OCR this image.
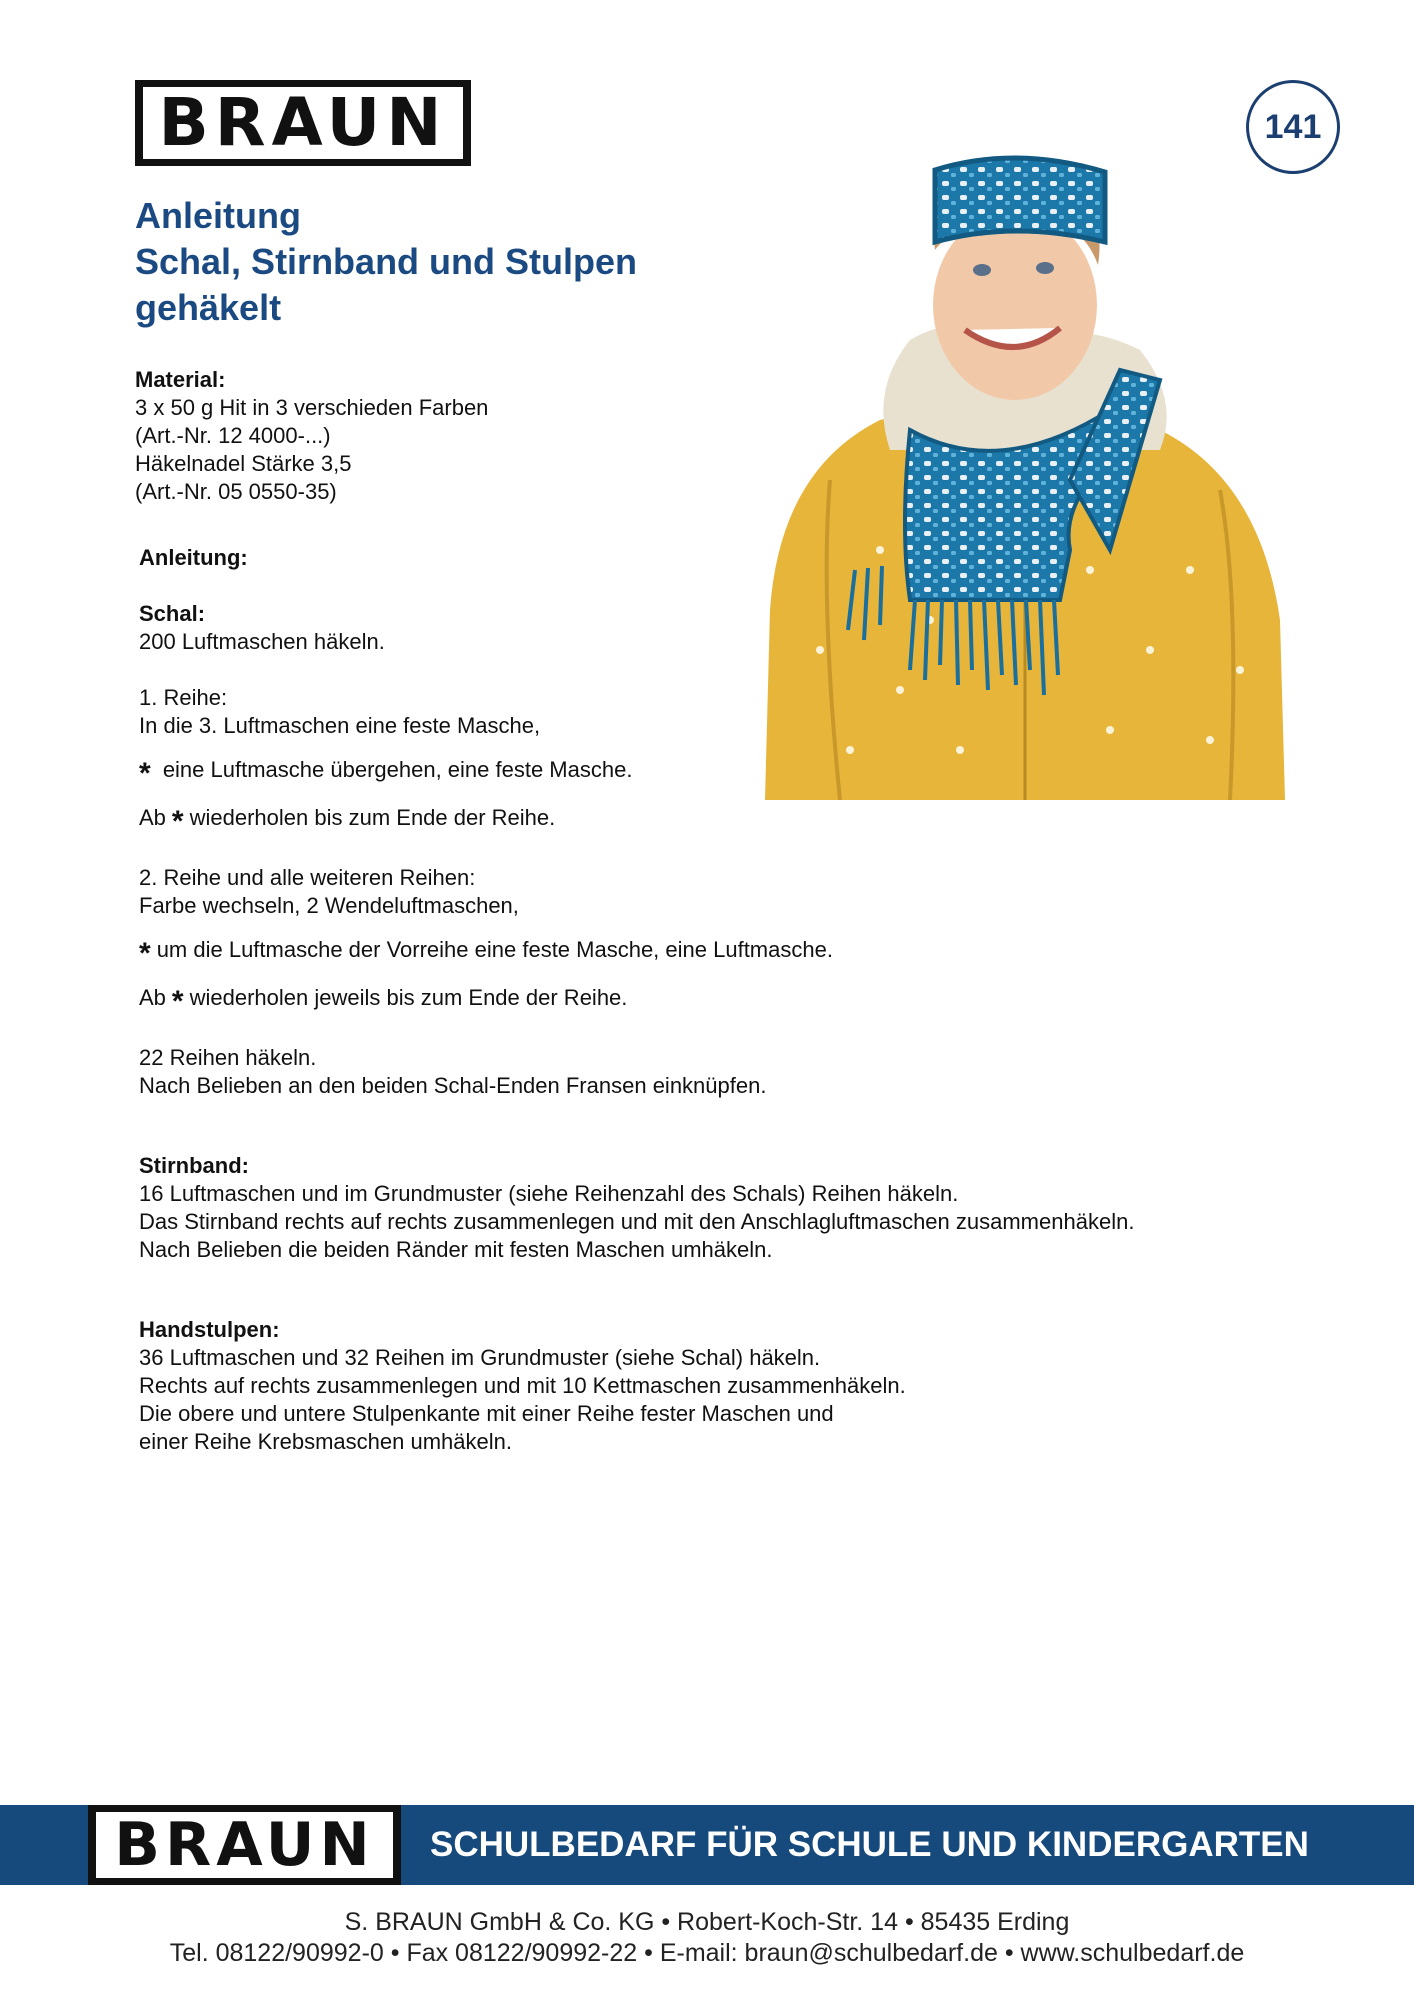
BRAUN	141
Anleitung
Schal, Stirnband und Stulpen
gehäkelt
Material:
3 x 50 g Hit in 3 verschieden Farben
(Art.-Nr. 12 4000-...)
Häkelnadel Stärke 3,5
(Art.-Nr. 05 0550-35)
Anleitung:
Schal:
200 Luftmaschen häkeln.
1. Reihe:
In die 3. Luftmaschen eine feste Masche,
* eine Luftmasche übergehen, eine feste Masche.
Ab * wiederholen bis zum Ende der Reihe.
2. Reihe und alle weiteren Reihen:
Farbe wechseln, 2 Wendeluftmaschen,
* um die Luftmasche der Vorreihe eine feste Masche, eine Luftmasche.
Ab * wiederholen jeweils bis zum Ende der Reihe.
22 Reihen häkeln.
Nach Belieben an den beiden Schal-Enden Fransen einknüpfen.
Stirnband:
16 Luftmaschen und im Grundmuster (siehe Reihenzahl des Schals) Reihen häkeln.
Das Stirnband rechts auf rechts zusammenlegen und mit den Anschlagluftmaschen zusammenhäkeln.
Nach Belieben die beiden Ränder mit festen Maschen umhäkeln.
Handstulpen:
36 Luftmaschen und 32 Reihen im Grundmuster (siehe Schal) häkeln.
Rechts auf rechts zusammenlegen und mit 10 Kettmaschen zusammenhäkeln.
Die obere und untere Stulpenkante mit einer Reihe fester Maschen und
einer Reihe Krebsmaschen umhäkeln.
BRAUN SCHULBEDARF FÜR SCHULE UND KINDERGARTEN
S. BRAUN GmbH & Co. KG • Robert-Koch-Str. 14 • 85435 Erding
Tel. 08122/90992-0 • Fax 08122/90992-22 • E-mail: braun@schulbedarf.de • www.schulbedarf.de
